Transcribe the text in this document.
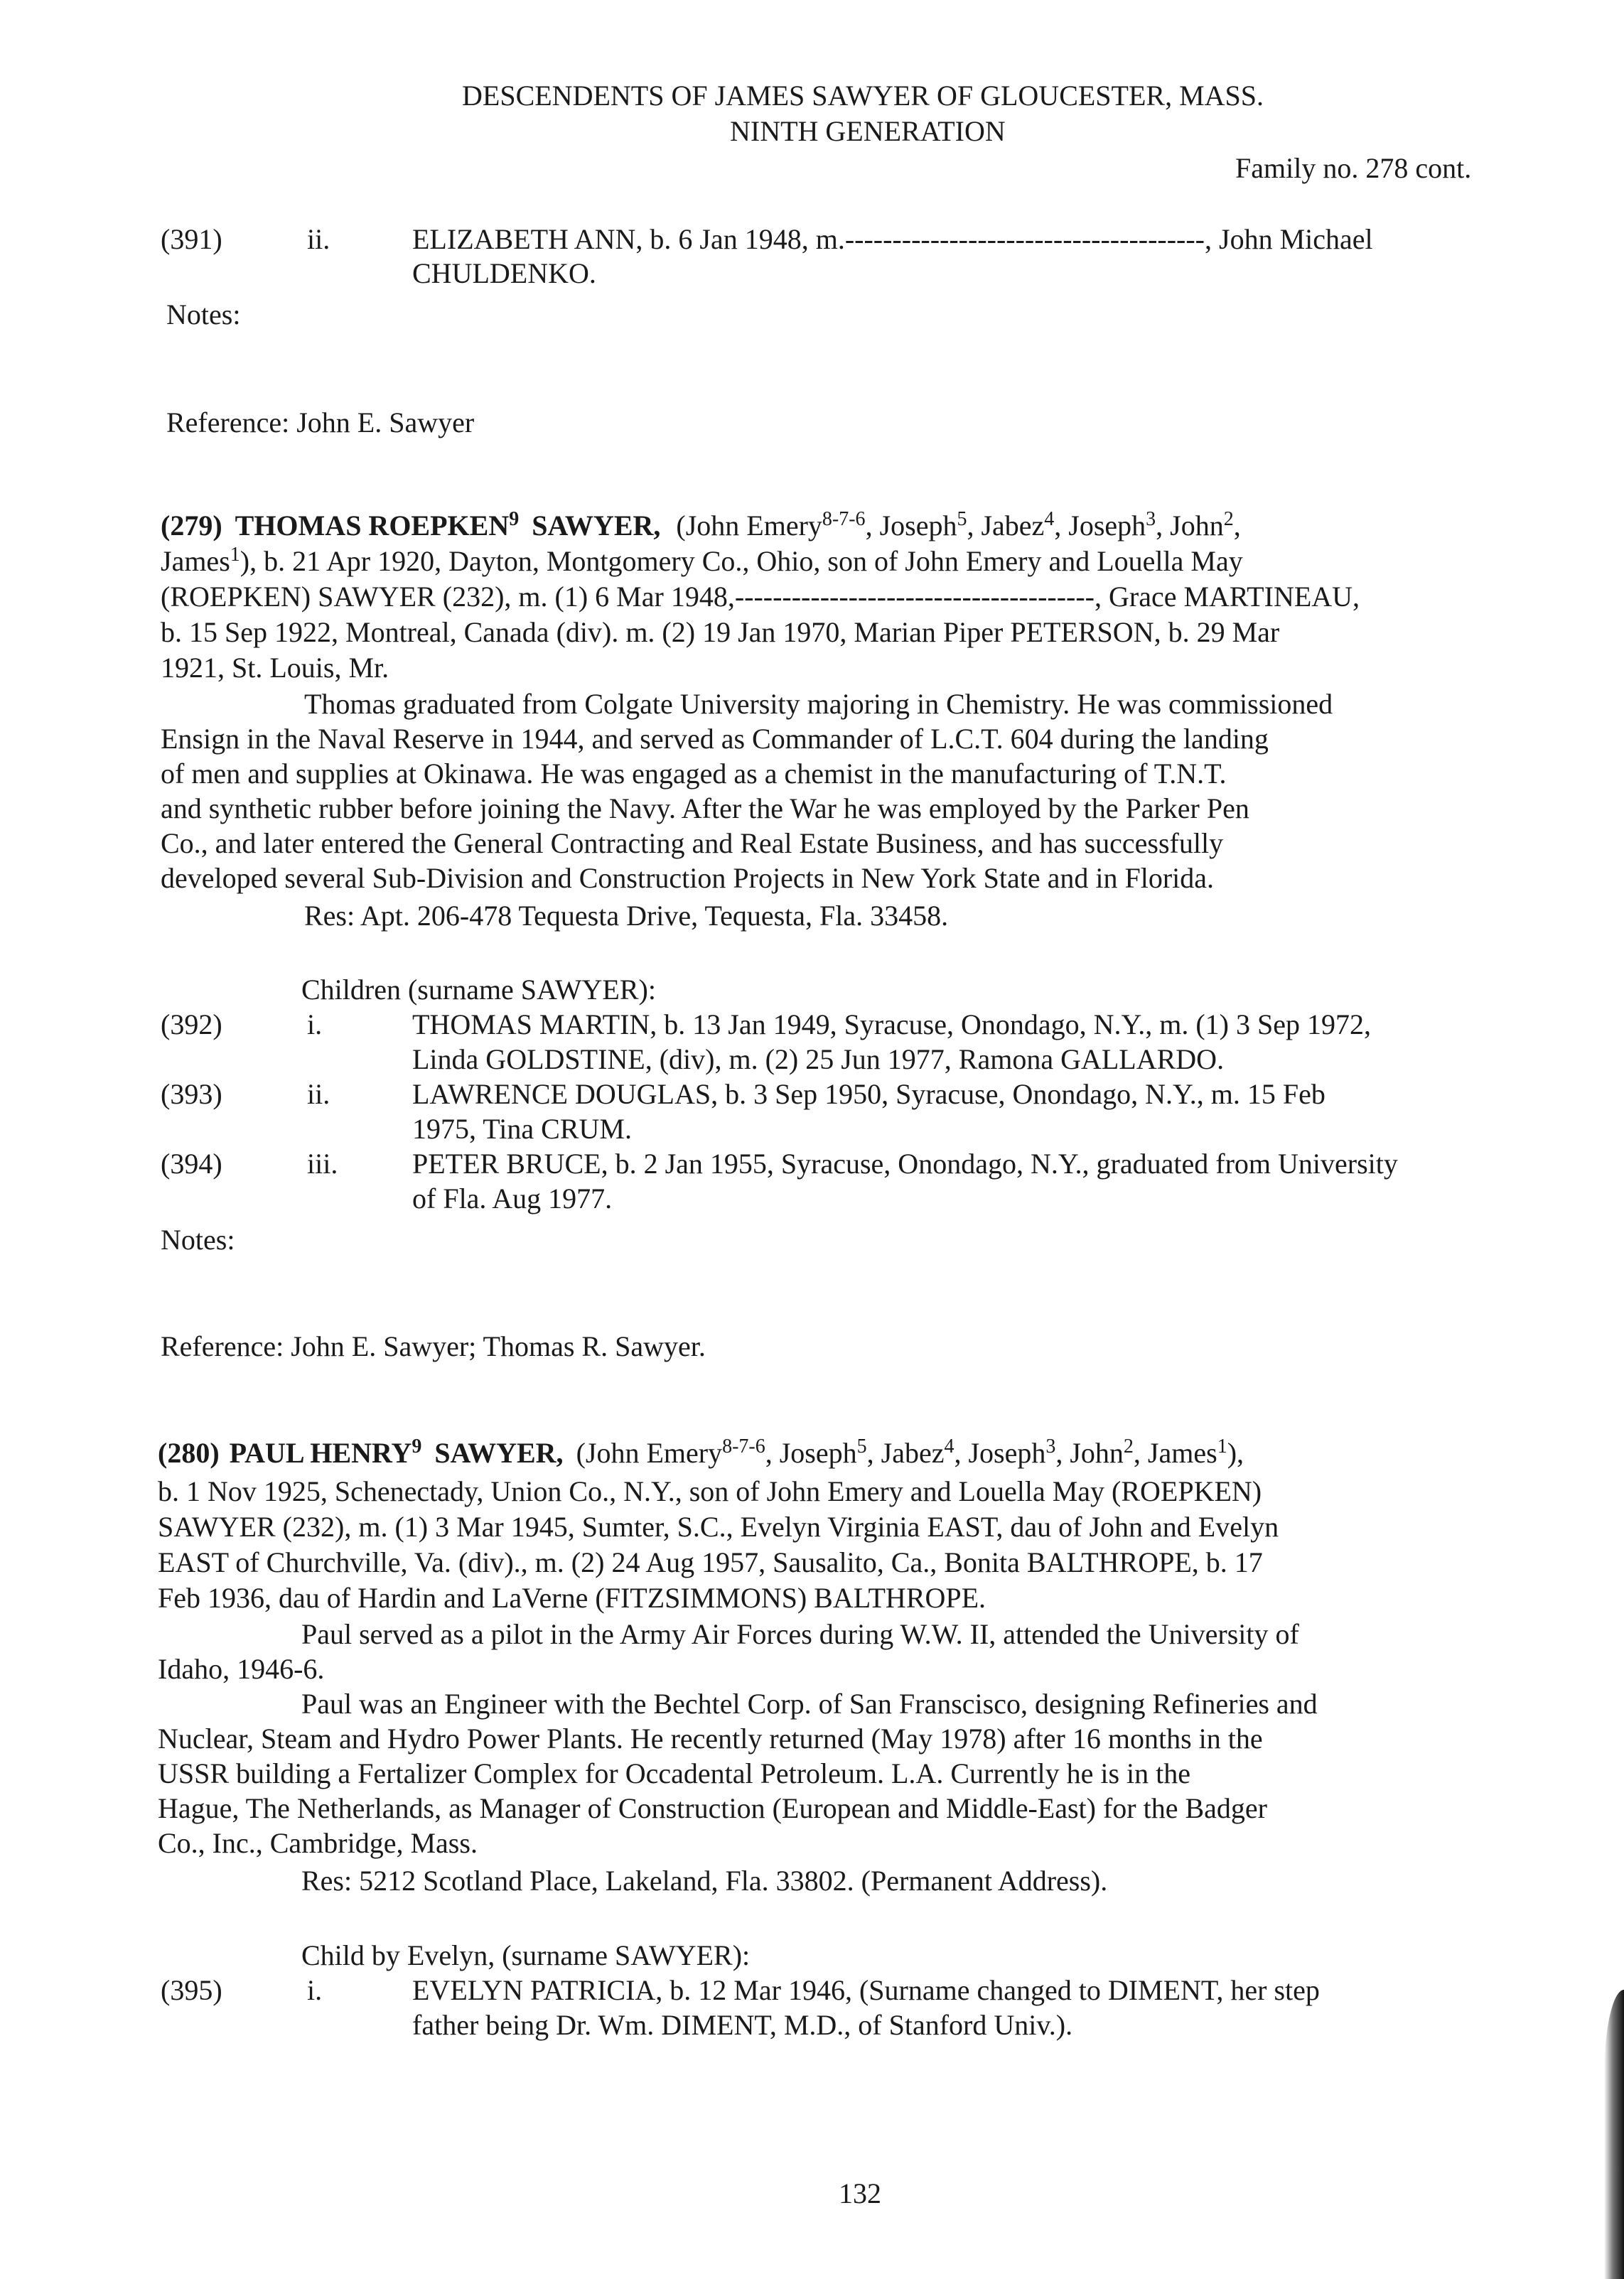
DESCENDENTS OF JAMES SAWYER OF GLOUCESTER, MASS.
NINTH GENERATION
Family no. 278 cont.
(391)	ii.	ELIZABETH ANN, b. 6 Jan 1948, m.--------------------------------------, John Michael
CHULDENKO.
Notes:
Reference: John E. Sawyer
(279) THOMAS ROEPKEN$^9$ SAWYER, (John Emery$^{8-7-6}$, Joseph$^5$, Jabez$^4$, Joseph$^3$, John$^2$,
James$^1$), b. 21 Apr 1920, Dayton, Montgomery Co., Ohio, son of John Emery and Louella May
(ROEPKEN) SAWYER (232), m. (1) 6 Mar 1948,--------------------------------------, Grace MARTINEAU,
b. 15 Sep 1922, Montreal, Canada (div). m. (2) 19 Jan 1970, Marian Piper PETERSON, b. 29 Mar
1921, St. Louis, Mr.
Thomas graduated from Colgate University majoring in Chemistry. He was commissioned
Ensign in the Naval Reserve in 1944, and served as Commander of L.C.T. 604 during the landing
of men and supplies at Okinawa. He was engaged as a chemist in the manufacturing of T.N.T.
and synthetic rubber before joining the Navy. After the War he was employed by the Parker Pen
Co., and later entered the General Contracting and Real Estate Business, and has successfully
developed several Sub-Division and Construction Projects in New York State and in Florida.
Res: Apt. 206-478 Tequesta Drive, Tequesta, Fla. 33458.
Children (surname SAWYER):
(392)	i.	THOMAS MARTIN, b. 13 Jan 1949, Syracuse, Onondago, N.Y., m. (1) 3 Sep 1972,
Linda GOLDSTINE, (div), m. (2) 25 Jun 1977, Ramona GALLARDO.
(393)	ii.	LAWRENCE DOUGLAS, b. 3 Sep 1950, Syracuse, Onondago, N.Y., m. 15 Feb
1975, Tina CRUM.
(394)	iii.	PETER BRUCE, b. 2 Jan 1955, Syracuse, Onondago, N.Y., graduated from University
of Fla. Aug 1977.
Notes:
Reference: John E. Sawyer; Thomas R. Sawyer.
(280) PAUL HENRY$^9$ SAWYER, (John Emery$^{8-7-6}$, Joseph$^5$, Jabez$^4$, Joseph$^3$, John$^2$, James$^1$),
b. 1 Nov 1925, Schenectady, Union Co., N.Y., son of John Emery and Louella May (ROEPKEN)
SAWYER (232), m. (1) 3 Mar 1945, Sumter, S.C., Evelyn Virginia EAST, dau of John and Evelyn
EAST of Churchville, Va. (div)., m. (2) 24 Aug 1957, Sausalito, Ca., Bonita BALTHROPE, b. 17
Feb 1936, dau of Hardin and LaVerne (FITZSIMMONS) BALTHROPE.
Paul served as a pilot in the Army Air Forces during W.W. II, attended the University of
Idaho, 1946-6.
Paul was an Engineer with the Bechtel Corp. of San Franscisco, designing Refineries and
Nuclear, Steam and Hydro Power Plants. He recently returned (May 1978) after 16 months in the
USSR building a Fertalizer Complex for Occadental Petroleum. L.A. Currently he is in the
Hague, The Netherlands, as Manager of Construction (European and Middle-East) for the Badger
Co., Inc., Cambridge, Mass.
Res: 5212 Scotland Place, Lakeland, Fla. 33802. (Permanent Address).
Child by Evelyn, (surname SAWYER):
(395)	i.	EVELYN PATRICIA, b. 12 Mar 1946, (Surname changed to DIMENT, her step
father being Dr. Wm. DIMENT, M.D., of Stanford Univ.).
132
